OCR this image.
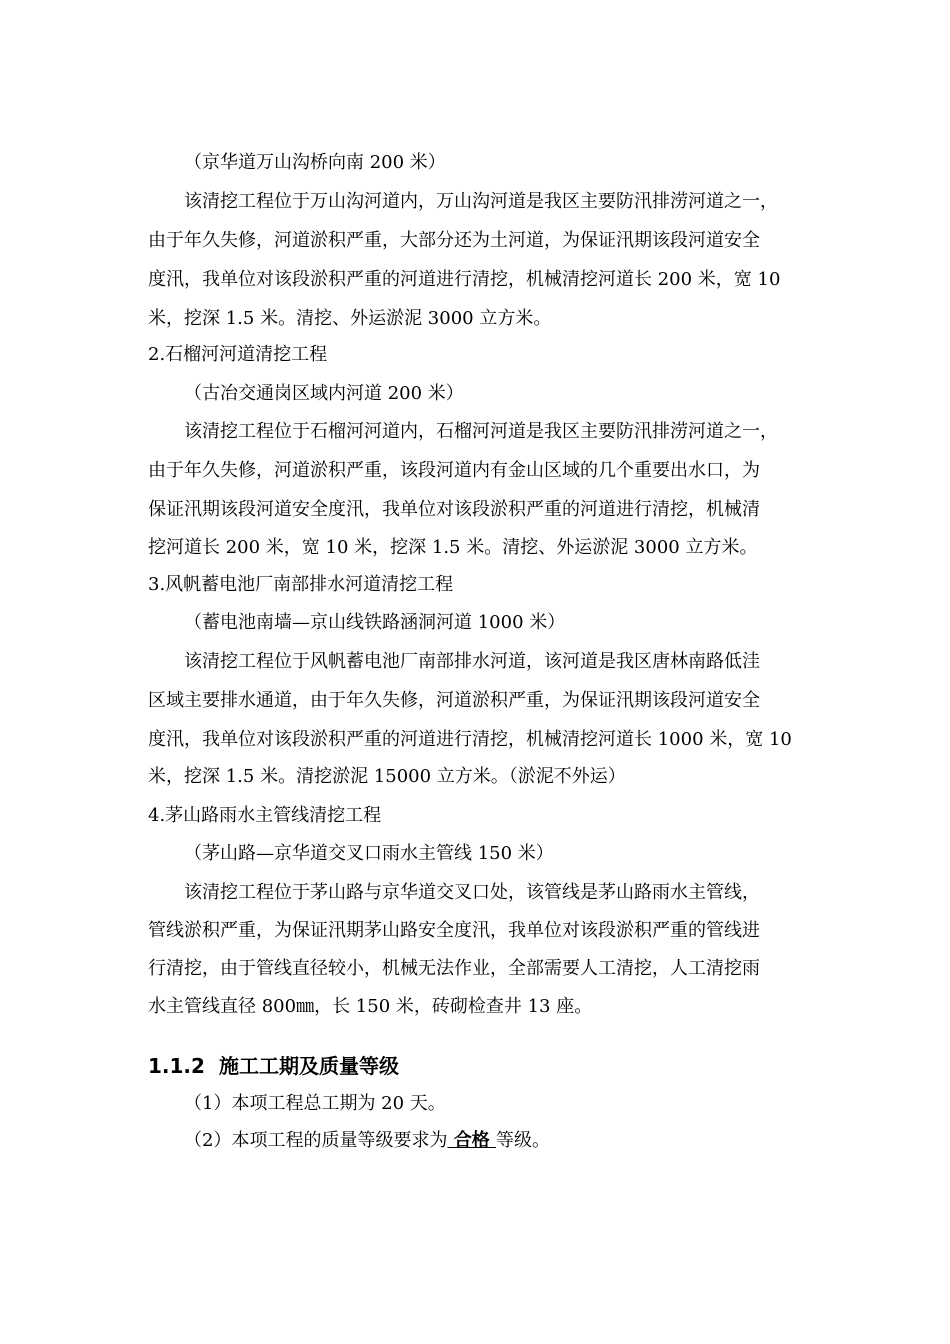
（京华道万山沟桥向南 200 米）
该清挖工程位于万山沟河道内，万山沟河道是我区主要防汛排涝河道之一，
由于年久失修，河道淤积严重，大部分还为土河道，为保证汛期该段河道安全
度汛，我单位对该段淤积严重的河道进行清挖，机械清挖河道长 200 米，宽 10
米，挖深 1.5 米。清挖、外运淤泥 3000 立方米。
2.石榴河河道清挖工程
（古冶交通岗区域内河道 200 米）
该清挖工程位于石榴河河道内，石榴河河道是我区主要防汛排涝河道之一，
由于年久失修，河道淤积严重，该段河道内有金山区域的几个重要出水口，为
保证汛期该段河道安全度汛，我单位对该段淤积严重的河道进行清挖，机械清
挖河道长 200 米，宽 10 米，挖深 1.5 米。清挖、外运淤泥 3000 立方米。
3.风帆蓄电池厂南部排水河道清挖工程
（蓄电池南墙—京山线铁路涵洞河道 1000 米）
该清挖工程位于风帆蓄电池厂南部排水河道，该河道是我区唐林南路低洼
区域主要排水通道，由于年久失修，河道淤积严重，为保证汛期该段河道安全
度汛，我单位对该段淤积严重的河道进行清挖，机械清挖河道长 1000 米，宽 10
米，挖深 1.5 米。清挖淤泥 15000 立方米。（淤泥不外运）
4.茅山路雨水主管线清挖工程
（茅山路—京华道交叉口雨水主管线 150 米）
该清挖工程位于茅山路与京华道交叉口处，该管线是茅山路雨水主管线，
管线淤积严重，为保证汛期茅山路安全度汛，我单位对该段淤积严重的管线进
行清挖，由于管线直径较小，机械无法作业，全部需要人工清挖，人工清挖雨
水主管线直径 800㎜，长 150 米，砖砌检查井 13 座。
1.1.2 施工工期及质量等级
（1）本项工程总工期为 20 天。
（2）本项工程的质量等级要求为 合格 等级。
